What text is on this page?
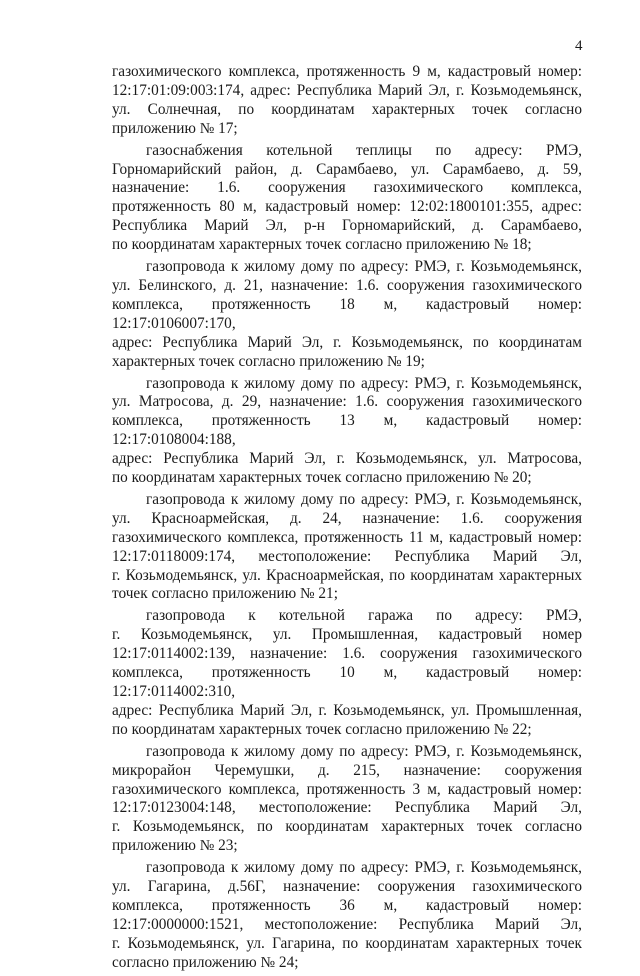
4

газохимического комплекса, протяженность 9 м, кадастровый номер:
12:17:01:09:003:174, адрес: Республика Марий Эл, г. Козьмодемьянск,
ул. Солнечная, по координатам характерных точек согласно
приложению № 17;

газоснабжения котельной теплицы по адресу: РМЭ,
Горномарийский район, д. Сарамбаево, ул. Сарамбаево, д. 59,
назначение: 1.6. сооружения газохимического комплекса,
протяженность 80 м, кадастровый номер: 12:02:1800101:355, адрес:
Республика Марий Эл, р-н Горномарийский, д. Сарамбаево,
по координатам характерных точек согласно приложению № 18;

газопровода к жилому дому по адресу: РМЭ, г. Козьмодемьянск,
ул. Белинского, д. 21, назначение: 1.6. сооружения газохимического
комплекса, протяженность 18 м, кадастровый номер: 12:17:0106007:170,
адрес: Республика Марий Эл, г. Козьмодемьянск, по координатам
характерных точек согласно приложению № 19;

газопровода к жилому дому по адресу: РМЭ, г. Козьмодемьянск,
ул. Матросова, д. 29, назначение: 1.6. сооружения газохимического
комплекса, протяженность 13 м, кадастровый номер: 12:17:0108004:188,
адрес: Республика Марий Эл, г. Козьмодемьянск, ул. Матросова,
по координатам характерных точек согласно приложению № 20;

газопровода к жилому дому по адресу: РМЭ, г. Козьмодемьянск,
ул. Красноармейская, д. 24, назначение: 1.6. сооружения
газохимического комплекса, протяженность 11 м, кадастровый номер:
12:17:0118009:174, местоположение: Республика Марий Эл,
г. Козьмодемьянск, ул. Красноармейская, по координатам характерных
точек согласно приложению № 21;

газопровода к котельной гаража по адресу: РМЭ,
г. Козьмодемьянск, ул. Промышленная, кадастровый номер
12:17:0114002:139, назначение: 1.6. сооружения газохимического
комплекса, протяженность 10 м, кадастровый номер: 12:17:0114002:310,
адрес: Республика Марий Эл, г. Козьмодемьянск, ул. Промышленная,
по координатам характерных точек согласно приложению № 22;

газопровода к жилому дому по адресу: РМЭ, г. Козьмодемьянск,
микрорайон Черемушки, д. 215, назначение: сооружения
газохимического комплекса, протяженность 3 м, кадастровый номер:
12:17:0123004:148, местоположение: Республика Марий Эл,
г. Козьмодемьянск, по координатам характерных точек согласно
приложению № 23;

газопровода к жилому дому по адресу: РМЭ, г. Козьмодемьянск,
ул. Гагарина, д.56Г, назначение: сооружения газохимического
комплекса, протяженность 36 м, кадастровый номер:
12:17:0000000:1521, местоположение: Республика Марий Эл,
г. Козьмодемьянск, ул. Гагарина, по координатам характерных точек
согласно приложению № 24;
